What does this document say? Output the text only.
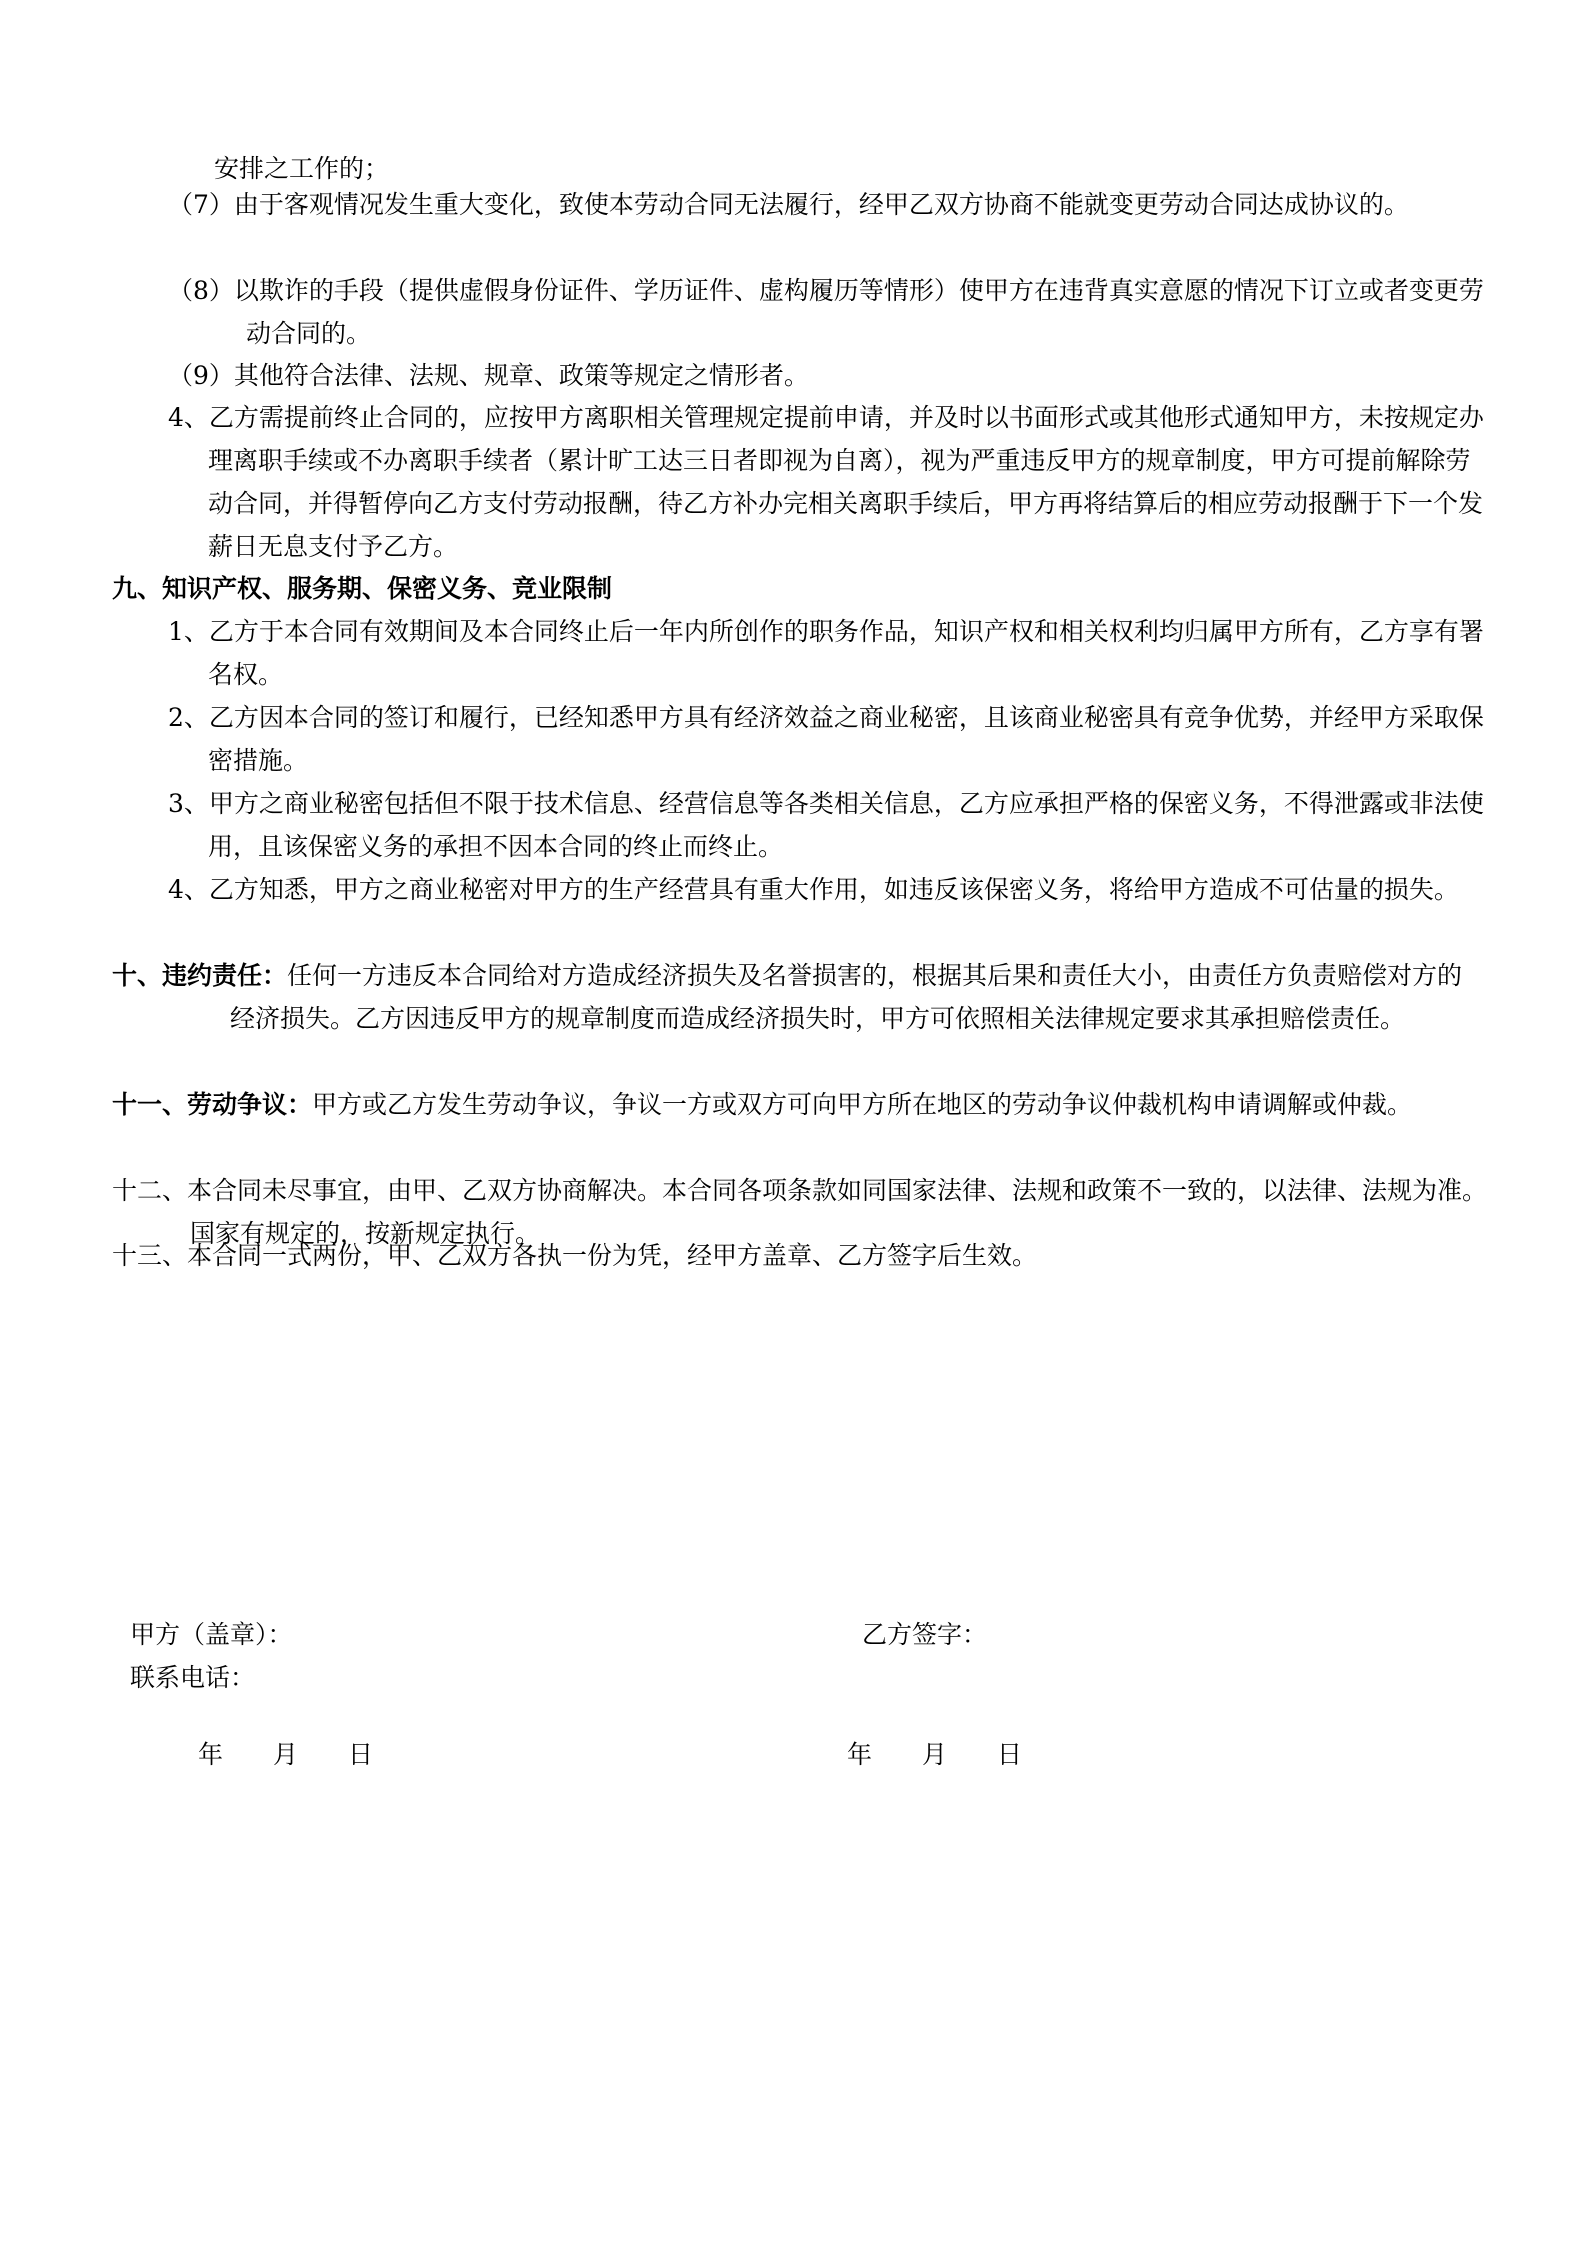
安排之工作的；

（7）由于客观情况发生重大变化，致使本劳动合同无法履行，经甲乙双方协商不能就变更劳动合同达成协议的。

（8）以欺诈的手段（提供虚假身份证件、学历证件、虚构履历等情形）使甲方在违背真实意愿的情况下订立或者变更劳动合同的。

（9）其他符合法律、法规、规章、政策等规定之情形者。

4、乙方需提前终止合同的，应按甲方离职相关管理规定提前申请，并及时以书面形式或其他形式通知甲方，未按规定办理离职手续或不办离职手续者（累计旷工达三日者即视为自离），视为严重违反甲方的规章制度，甲方可提前解除劳动合同，并得暂停向乙方支付劳动报酬，待乙方补办完相关离职手续后，甲方再将结算后的相应劳动报酬于下一个发薪日无息支付予乙方。

九、知识产权、服务期、保密义务、竞业限制

1、乙方于本合同有效期间及本合同终止后一年内所创作的职务作品，知识产权和相关权利均归属甲方所有，乙方享有署名权。

2、乙方因本合同的签订和履行，已经知悉甲方具有经济效益之商业秘密，且该商业秘密具有竞争优势，并经甲方采取保密措施。

3、甲方之商业秘密包括但不限于技术信息、经营信息等各类相关信息，乙方应承担严格的保密义务，不得泄露或非法使用，且该保密义务的承担不因本合同的终止而终止。

4、乙方知悉，甲方之商业秘密对甲方的生产经营具有重大作用，如违反该保密义务，将给甲方造成不可估量的损失。

十、违约责任：任何一方违反本合同给对方造成经济损失及名誉损害的，根据其后果和责任大小，由责任方负责赔偿对方的经济损失。乙方因违反甲方的规章制度而造成经济损失时，甲方可依照相关法律规定要求其承担赔偿责任。

十一、劳动争议：甲方或乙方发生劳动争议，争议一方或双方可向甲方所在地区的劳动争议仲裁机构申请调解或仲裁。

十二、本合同未尽事宜，由甲、乙双方协商解决。本合同各项条款如同国家法律、法规和政策不一致的，以法律、法规为准。国家有规定的，按新规定执行。

十三、本合同一式两份，甲、乙双方各执一份为凭，经甲方盖章、乙方签字后生效。

甲方（盖章）：	乙方签字：

联系电话：

年　　月　　日	年　　月　　日
